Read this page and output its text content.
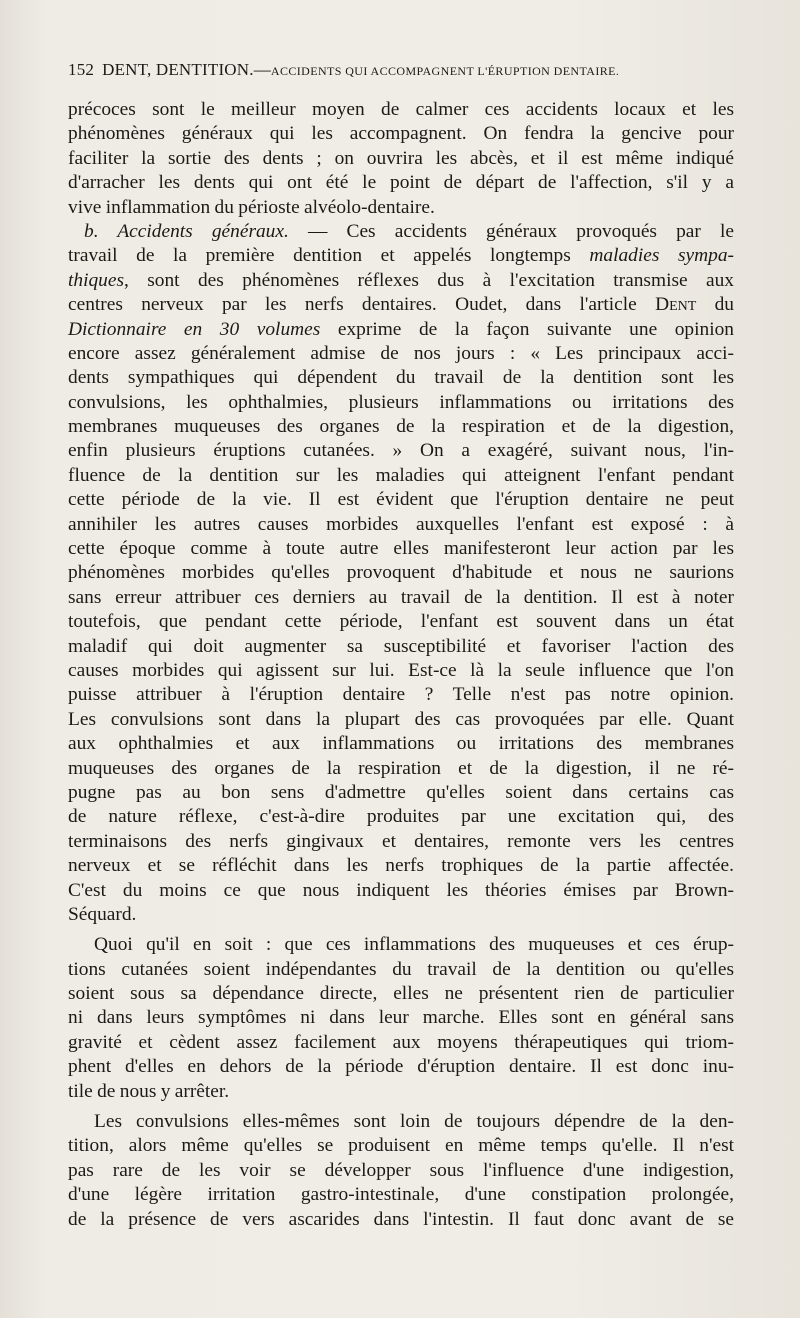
152 DENT, DENTITION.—ACCIDENTS QUI ACCOMPAGNENT L'ÉRUPTION DENTAIRE.
précoces sont le meilleur moyen de calmer ces accidents locaux et les
phénomènes généraux qui les accompagnent. On fendra la gencive pour
faciliter la sortie des dents ; on ouvrira les abcès, et il est même indiqué
d'arracher les dents qui ont été le point de départ de l'affection, s'il y a
vive inflammation du périoste alvéolo-dentaire.
b. Accidents généraux. — Ces accidents généraux provoqués par le
travail de la première dentition et appelés longtemps maladies sympa-
thiques, sont des phénomènes réflexes dus à l'excitation transmise aux
centres nerveux par les nerfs dentaires. Oudet, dans l'article Dent du
Dictionnaire en 30 volumes exprime de la façon suivante une opinion
encore assez généralement admise de nos jours : « Les principaux acci-
dents sympathiques qui dépendent du travail de la dentition sont les
convulsions, les ophthalmies, plusieurs inflammations ou irritations des
membranes muqueuses des organes de la respiration et de la digestion,
enfin plusieurs éruptions cutanées. » On a exagéré, suivant nous, l'in-
fluence de la dentition sur les maladies qui atteignent l'enfant pendant
cette période de la vie. Il est évident que l'éruption dentaire ne peut
annihiler les autres causes morbides auxquelles l'enfant est exposé : à
cette époque comme à toute autre elles manifesteront leur action par les
phénomènes morbides qu'elles provoquent d'habitude et nous ne saurions
sans erreur attribuer ces derniers au travail de la dentition. Il est à noter
toutefois, que pendant cette période, l'enfant est souvent dans un état
maladif qui doit augmenter sa susceptibilité et favoriser l'action des
causes morbides qui agissent sur lui. Est-ce là la seule influence que l'on
puisse attribuer à l'éruption dentaire ? Telle n'est pas notre opinion.
Les convulsions sont dans la plupart des cas provoquées par elle. Quant
aux ophthalmies et aux inflammations ou irritations des membranes
muqueuses des organes de la respiration et de la digestion, il ne ré-
pugne pas au bon sens d'admettre qu'elles soient dans certains cas
de nature réflexe, c'est-à-dire produites par une excitation qui, des
terminaisons des nerfs gingivaux et dentaires, remonte vers les centres
nerveux et se réfléchit dans les nerfs trophiques de la partie affectée.
C'est du moins ce que nous indiquent les théories émises par Brown-
Séquard.
Quoi qu'il en soit : que ces inflammations des muqueuses et ces érup-
tions cutanées soient indépendantes du travail de la dentition ou qu'elles
soient sous sa dépendance directe, elles ne présentent rien de particulier
ni dans leurs symptômes ni dans leur marche. Elles sont en général sans
gravité et cèdent assez facilement aux moyens thérapeutiques qui triom-
phent d'elles en dehors de la période d'éruption dentaire. Il est donc inu-
tile de nous y arrêter.
Les convulsions elles-mêmes sont loin de toujours dépendre de la den-
tition, alors même qu'elles se produisent en même temps qu'elle. Il n'est
pas rare de les voir se développer sous l'influence d'une indigestion,
d'une légère irritation gastro-intestinale, d'une constipation prolongée,
de la présence de vers ascarides dans l'intestin. Il faut donc avant de se
